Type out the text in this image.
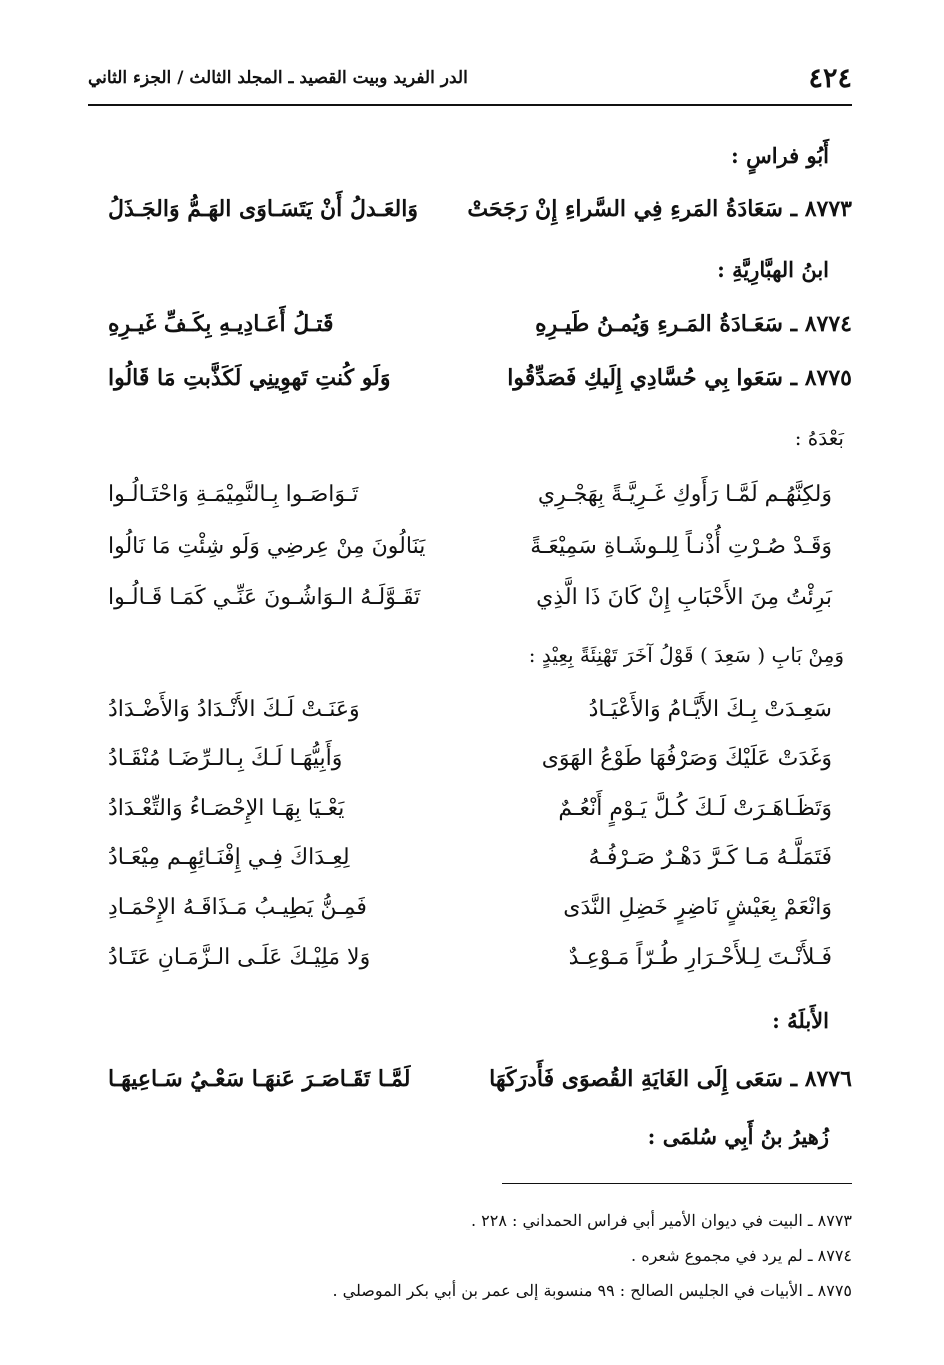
٤٢٤
الدر الفريد وبيت القصيد ـ المجلد الثالث / الجزء الثاني
أَبُو فراسٍ :
٨٧٧٣ ـ سَعَادَةُ المَرءِ فِي السَّراءِ إِنْ رَجَحَتْ
وَالعَـدلُ أَنْ يَتَسَـاوَى الهَـمُّ وَالجَـذَلُ
ابنُ الهبَّارِيَّةِ :
٨٧٧٤ ـ سَعَـادَةُ المَـرءِ وَيُمـنُ طَيـرِهِ
قَتـلُ أَعَـادِيـهِ بِكَـفِّ غَيـرِهِ
٨٧٧٥ ـ سَعَوا بِي حُسَّادِي إِلَيكِ فَصَدِّقُوا
وَلَو كُنتِ تَهوِينِي لَكَذَّبتِ مَا قَالُوا
بَعْدَهُ :
وَلكِنَّهُـم لَمَّـا رَأَوكِ غَـرِيَّـةً بِهَجْـرِي
تَـوَاصَـوا بِـالنَّمِيْمَـةِ وَاحْتَـالُـوا
وَقَـدْ صُـرْتِ أُذْنـاً لِلـوشَـاةِ سَمِيْعَـةً
يَنَالُونَ مِنْ عِرضِي وَلَو شِئْتِ مَا نَالُوا
بَرِئْتُ مِنَ الأَحْبَابِ إِنْ كَانَ ذَا الَّذِي
تَقَـوَّلَـهُ الـوَاشُـونَ عَنِّـي كَمَـا قَـالُـوا
وَمِنْ بَابِ ( سَعِدَ ) قَوْلُ آخَرَ تَهْنِئَةً بِعِيْدٍ :
سَعِـدَتْ بِـكَ الأَيَّـامُ وَالأَعْيَـادُ
وَعَنَـتْ لَـكَ الأَنْـدَادُ وَالأَضْـدَادُ
وَغَدَتْ عَلَيْكَ وَصَرْفُهَا طَوْعُ الهَوَى
وَأَبِيُّهَـا لَـكَ بِـالـرِّضَـا مُنْقَـادُ
وَتَظَـاهَـرَتْ لَـكَ كُـلَّ يَـوْمٍ أَنْعُـمٌ
يَعْـيَا بِهَـا الإِحْصَـاءُ وَالتِّعْـدَادُ
فَتَمَلَّـهُ مَـا كَـرَّ دَهْـرٌ صَـرْفُـهُ
لِعِـدَاكَ فِـي إِفْنَـائِهِـم مِيْعَـادُ
وَانْعَمْ بِعَيْشٍ نَاضِرٍ خَضِلِ النَّدَى
فَمِـنُّ يَطِيـبُ مَـذَاقَـهُ الإِحْمَـادِ
فَـلأَنْـتَ لِـلأَحْـرَارِ طُـرّاً مَـوْعِـدٌ
وَلا مَلِيْـكَ عَلَـى الـزَّمَـانِ عَتَـادُ
الأَبلَهُ :
٨٧٧٦ ـ سَعَى إِلَى الغَايَةِ القُصوَى فَأَدرَكَهَا
لَمَّـا تَقَـاصَـرَ عَنهَـا سَعْـيُ سَـاعِيهَـا
زُهيرُ بنُ أَبِي سُلمَى :
٨٧٧٣ ـ البيت في ديوان الأمير أبي فراس الحمداني : ٢٢٨ .
٨٧٧٤ ـ لم يرد في مجموع شعره .
٨٧٧٥ ـ الأبيات في الجليس الصالح : ٩٩ منسوبة إلى عمر بن أبي بكر الموصلي .
